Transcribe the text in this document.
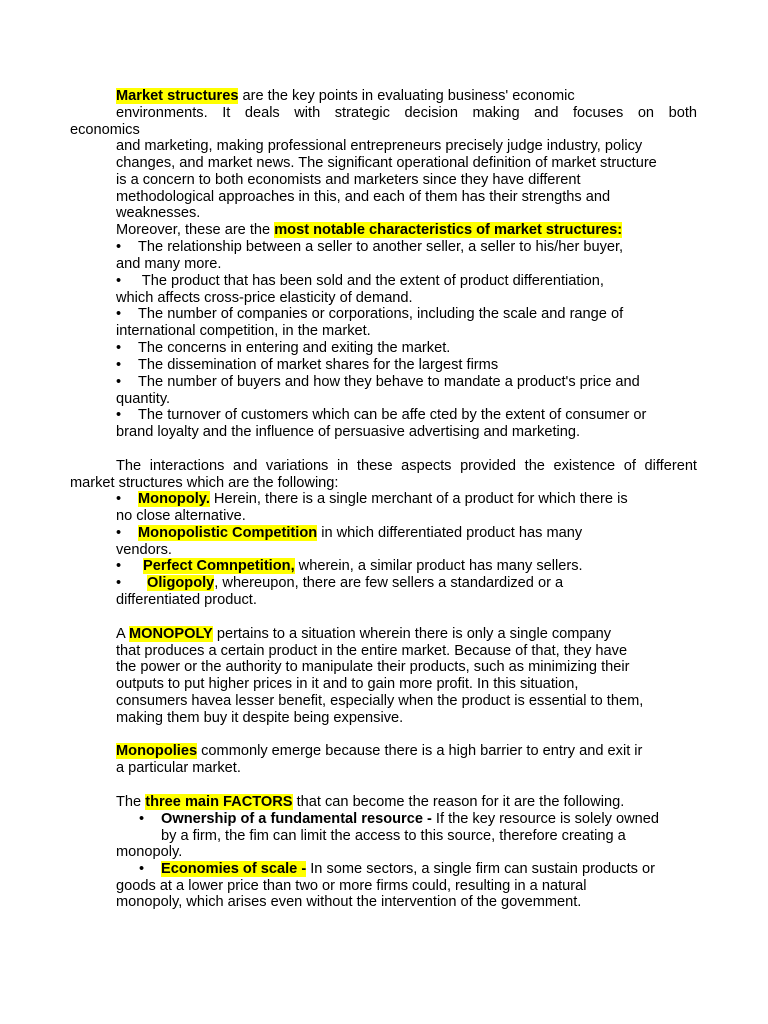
Market structures are the key points in evaluating business' economic
environments. It deals with strategic decision making and focuses on both
economics
and marketing, making professional entrepreneurs precisely judge industry, policy
changes, and market news. The significant operational definition of market structure
is a concern to both economists and marketers since they have different
methodological approaches in this, and each of them has their strengths and
weaknesses.
Moreover, these are the most notable characteristics of market structures:
• The relationship between a seller to another seller, a seller to his/her buyer,
and many more.
• The product that has been sold and the extent of product differentiation,
which affects cross-price elasticity of demand.
• The number of companies or corporations, including the scale and range of
international competition, in the market.
• The concerns in entering and exiting the market.
• The dissemination of market shares for the largest firms
• The number of buyers and how they behave to mandate a product's price and
quantity.
• The turnover of customers which can be affe cted by the extent of consumer or
brand loyalty and the influence of persuasive advertising and marketing.
The interactions and variations in these aspects provided the existence of different
market structures which are the following:
• Monopoly. Herein, there is a single merchant of a product for which there is
no close alternative.
• Monopolistic Competition in which differentiated product has many
vendors.
• Perfect Comnpetition, wherein, a similar product has many sellers.
• Oligopoly, whereupon, there are few sellers a standardized or a
differentiated product.
A MONOPOLY pertains to a situation wherein there is only a single company
that produces a certain product in the entire market. Because of that, they have
the power or the authority to manipulate their products, such as minimizing their
outputs to put higher prices in it and to gain more profit. In this situation,
consumers havea lesser benefit, especially when the product is essential to them,
making them buy it despite being expensive.
Monopolies commonly emerge because there is a high barrier to entry and exit ir
a particular market.
The three main FACTORS that can become the reason for it are the following.
• Ownership of a fundamental resource - If the key resource is solely owned
by a firm, the fim can limit the access to this source, therefore creating a
monopoly.
• Economies of scale - In some sectors, a single firm can sustain products or
goods at a lower price than two or more firms could, resulting in a natural
monopoly, which arises even without the intervention of the govemment.
